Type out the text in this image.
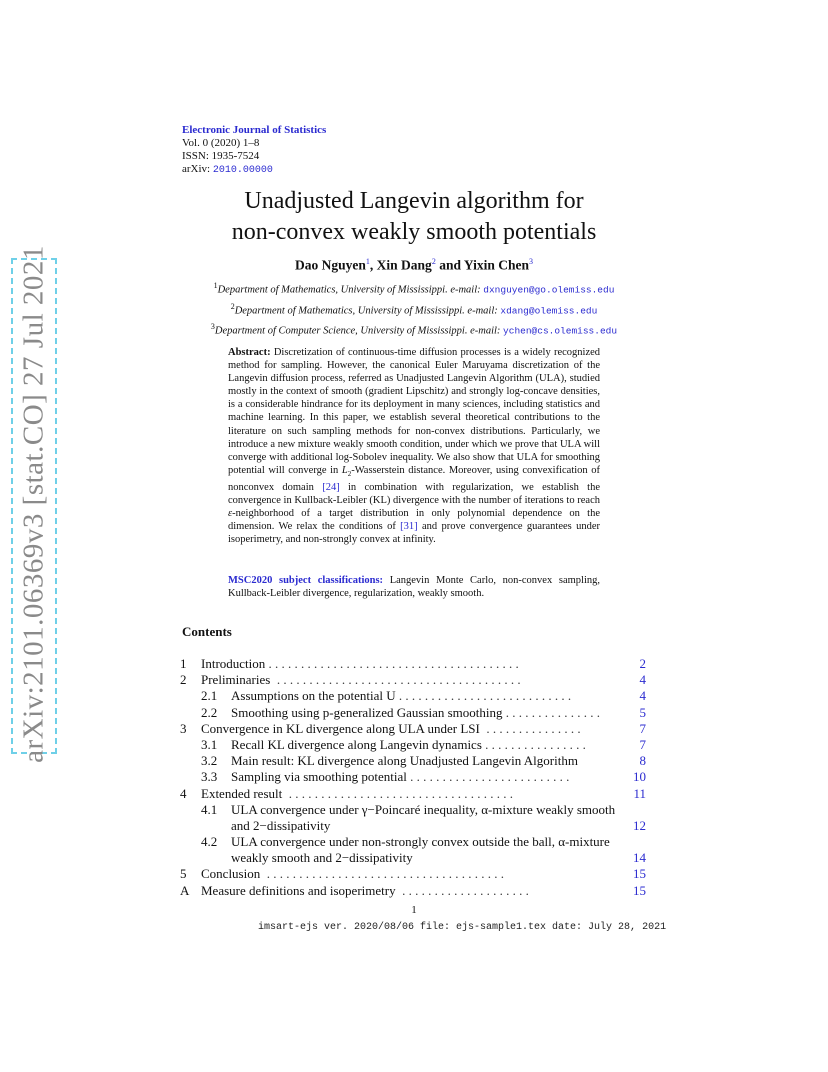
arXiv:2101.06369v3 [stat.CO] 27 Jul 2021
Electronic Journal of Statistics
Vol. 0 (2020) 1–8
ISSN: 1935-7524
arXiv: 2010.00000
Unadjusted Langevin algorithm for
non-convex weakly smooth potentials
Dao Nguyen$^1$, Xin Dang$^2$ and Yixin Chen$^3$
$^1$Department of Mathematics, University of Mississippi. e-mail: dxnguyen@go.olemiss.edu
$^2$Department of Mathematics, University of Mississippi. e-mail: xdang@olemiss.edu
$^3$Department of Computer Science, University of Mississippi. e-mail: ychen@cs.olemiss.edu
Abstract: Discretization of continuous-time diffusion processes is a widely recognized method for sampling. However, the canonical Euler Maruyama discretization of the Langevin diffusion process, referred as Unadjusted Langevin Algorithm (ULA), studied mostly in the context of smooth (gradient Lipschitz) and strongly log-concave densities, is a considerable hindrance for its deployment in many sciences, including statistics and machine learning. In this paper, we establish several theoretical contributions to the literature on such sampling methods for non-convex distributions. Particularly, we introduce a new mixture weakly smooth condition, under which we prove that ULA will converge with additional log-Sobolev inequality. We also show that ULA for smoothing potential will converge in $L_2$-Wasserstein distance. Moreover, using convexification of nonconvex domain [24] in combination with regularization, we establish the convergence in Kullback-Leibler (KL) divergence with the number of iterations to reach ε-neighborhood of a target distribution in only polynomial dependence on the dimension. We relax the conditions of [31] and prove convergence guarantees under isoperimetry, and non-strongly convex at infinity.
MSC2020 subject classifications: Langevin Monte Carlo, non-convex sampling, Kullback-Leibler divergence, regularization, weakly smooth.
Contents
1 Introduction . . . . . . . . . . . . . . . . . . . . . . . . . . . . . . . . . . . . . . .	2
2 Preliminaries  . . . . . . . . . . . . . . . . . . . . . . . . . . . . . . . . . . . . . .	4
2.1 Assumptions on the potential U . . . . . . . . . . . . . . . . . . . . . . . . . . .	4
2.2 Smoothing using p-generalized Gaussian smoothing . . . . . . . . . . . . . . .	5
3 Convergence in KL divergence along ULA under LSI  . . . . . . . . . . . . . . .	7
3.1 Recall KL divergence along Langevin dynamics . . . . . . . . . . . . . . . .	7
3.2 Main result: KL divergence along Unadjusted Langevin Algorithm	8
3.3 Sampling via smoothing potential . . . . . . . . . . . . . . . . . . . . . . . . .	10
4 Extended result  . . . . . . . . . . . . . . . . . . . . . . . . . . . . . . . . . . .	11
4.1 ULA convergence under γ−Poincaré inequality, α-mixture weakly smooth and 2−dissipativity	12
4.2 ULA convergence under non-strongly convex outside the ball, α-mixture weakly smooth and 2−dissipativity	14
5 Conclusion  . . . . . . . . . . . . . . . . . . . . . . . . . . . . . . . . . . . . .	15
A Measure definitions and isoperimetry  . . . . . . . . . . . . . . . . . . . .	15
1
imsart-ejs ver. 2020/08/06 file: ejs-sample1.tex date: July 28, 2021
